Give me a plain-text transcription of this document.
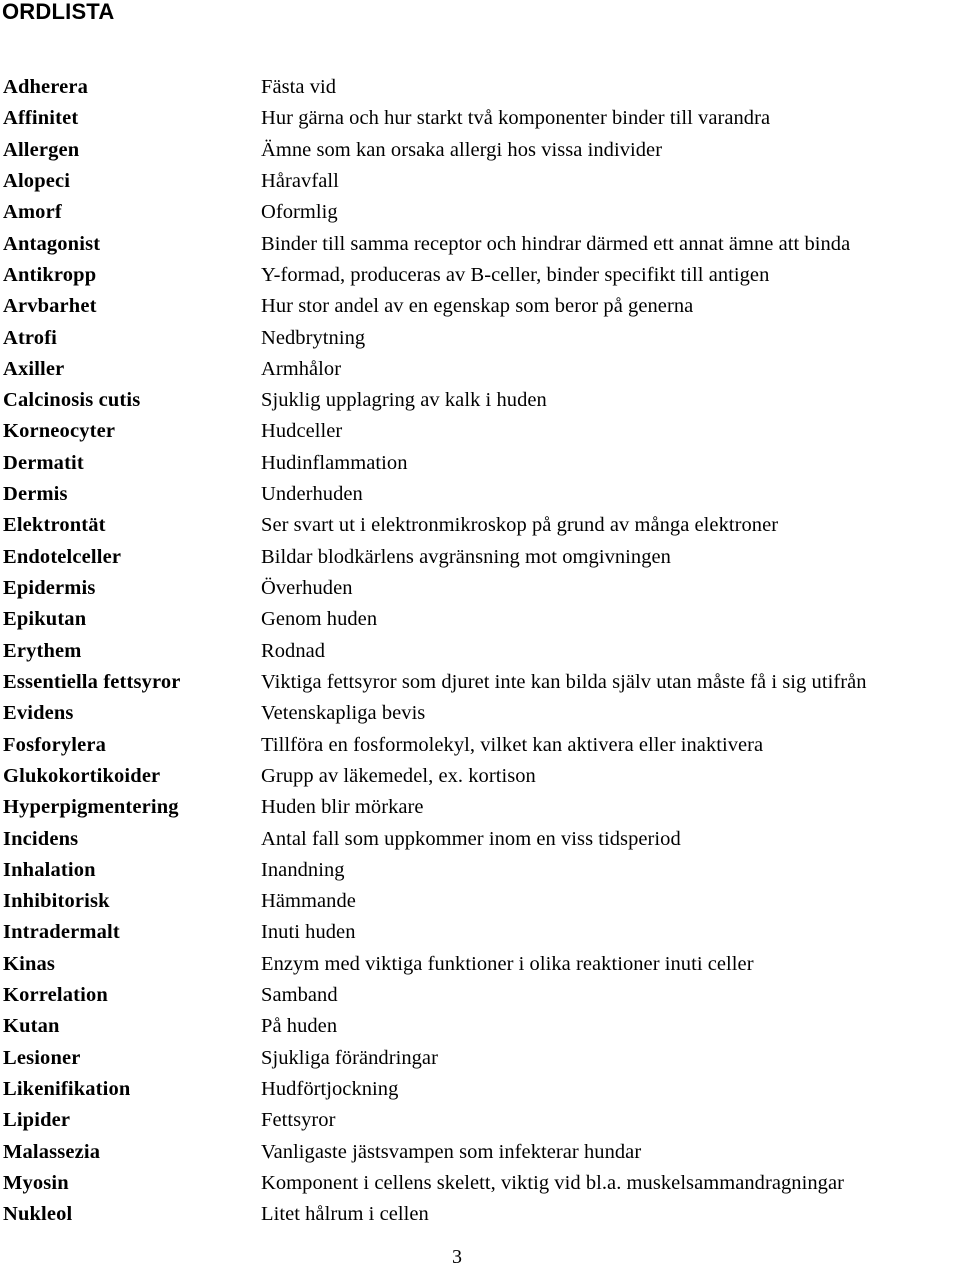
ORDLISTA
Adherera	Fästa vid
Affinitet	Hur gärna och hur starkt två komponenter binder till varandra
Allergen	Ämne som kan orsaka allergi hos vissa individer
Alopeci	Håravfall
Amorf	Oformlig
Antagonist	Binder till samma receptor och hindrar därmed ett annat ämne att binda
Antikropp	Y-formad, produceras av B-celler, binder specifikt till antigen
Arvbarhet	Hur stor andel av en egenskap som beror på generna
Atrofi	Nedbrytning
Axiller	Armhålor
Calcinosis cutis	Sjuklig upplagring av kalk i huden
Korneocyter	Hudceller
Dermatit	Hudinflammation
Dermis	Underhuden
Elektrontät	Ser svart ut i elektronmikroskop på grund av många elektroner
Endotelceller	Bildar blodkärlens avgränsning mot omgivningen
Epidermis	Överhuden
Epikutan	Genom huden
Erythem	Rodnad
Essentiella fettsyror	Viktiga fettsyror som djuret inte kan bilda själv utan måste få i sig utifrån
Evidens	Vetenskapliga bevis
Fosforylera	Tillföra en fosformolekyl, vilket kan aktivera eller inaktivera
Glukokortikoider	Grupp av läkemedel, ex. kortison
Hyperpigmentering	Huden blir mörkare
Incidens	Antal fall som uppkommer inom en viss tidsperiod
Inhalation	Inandning
Inhibitorisk	Hämmande
Intradermalt	Inuti huden
Kinas	Enzym med viktiga funktioner i olika reaktioner inuti celler
Korrelation	Samband
Kutan	På huden
Lesioner	Sjukliga förändringar
Likenifikation	Hudförtjockning
Lipider	Fettsyror
Malassezia	Vanligaste jästsvampen som infekterar hundar
Myosin	Komponent i cellens skelett, viktig vid bl.a. muskelsammandragningar
Nukleol	Litet hålrum i cellen
3
